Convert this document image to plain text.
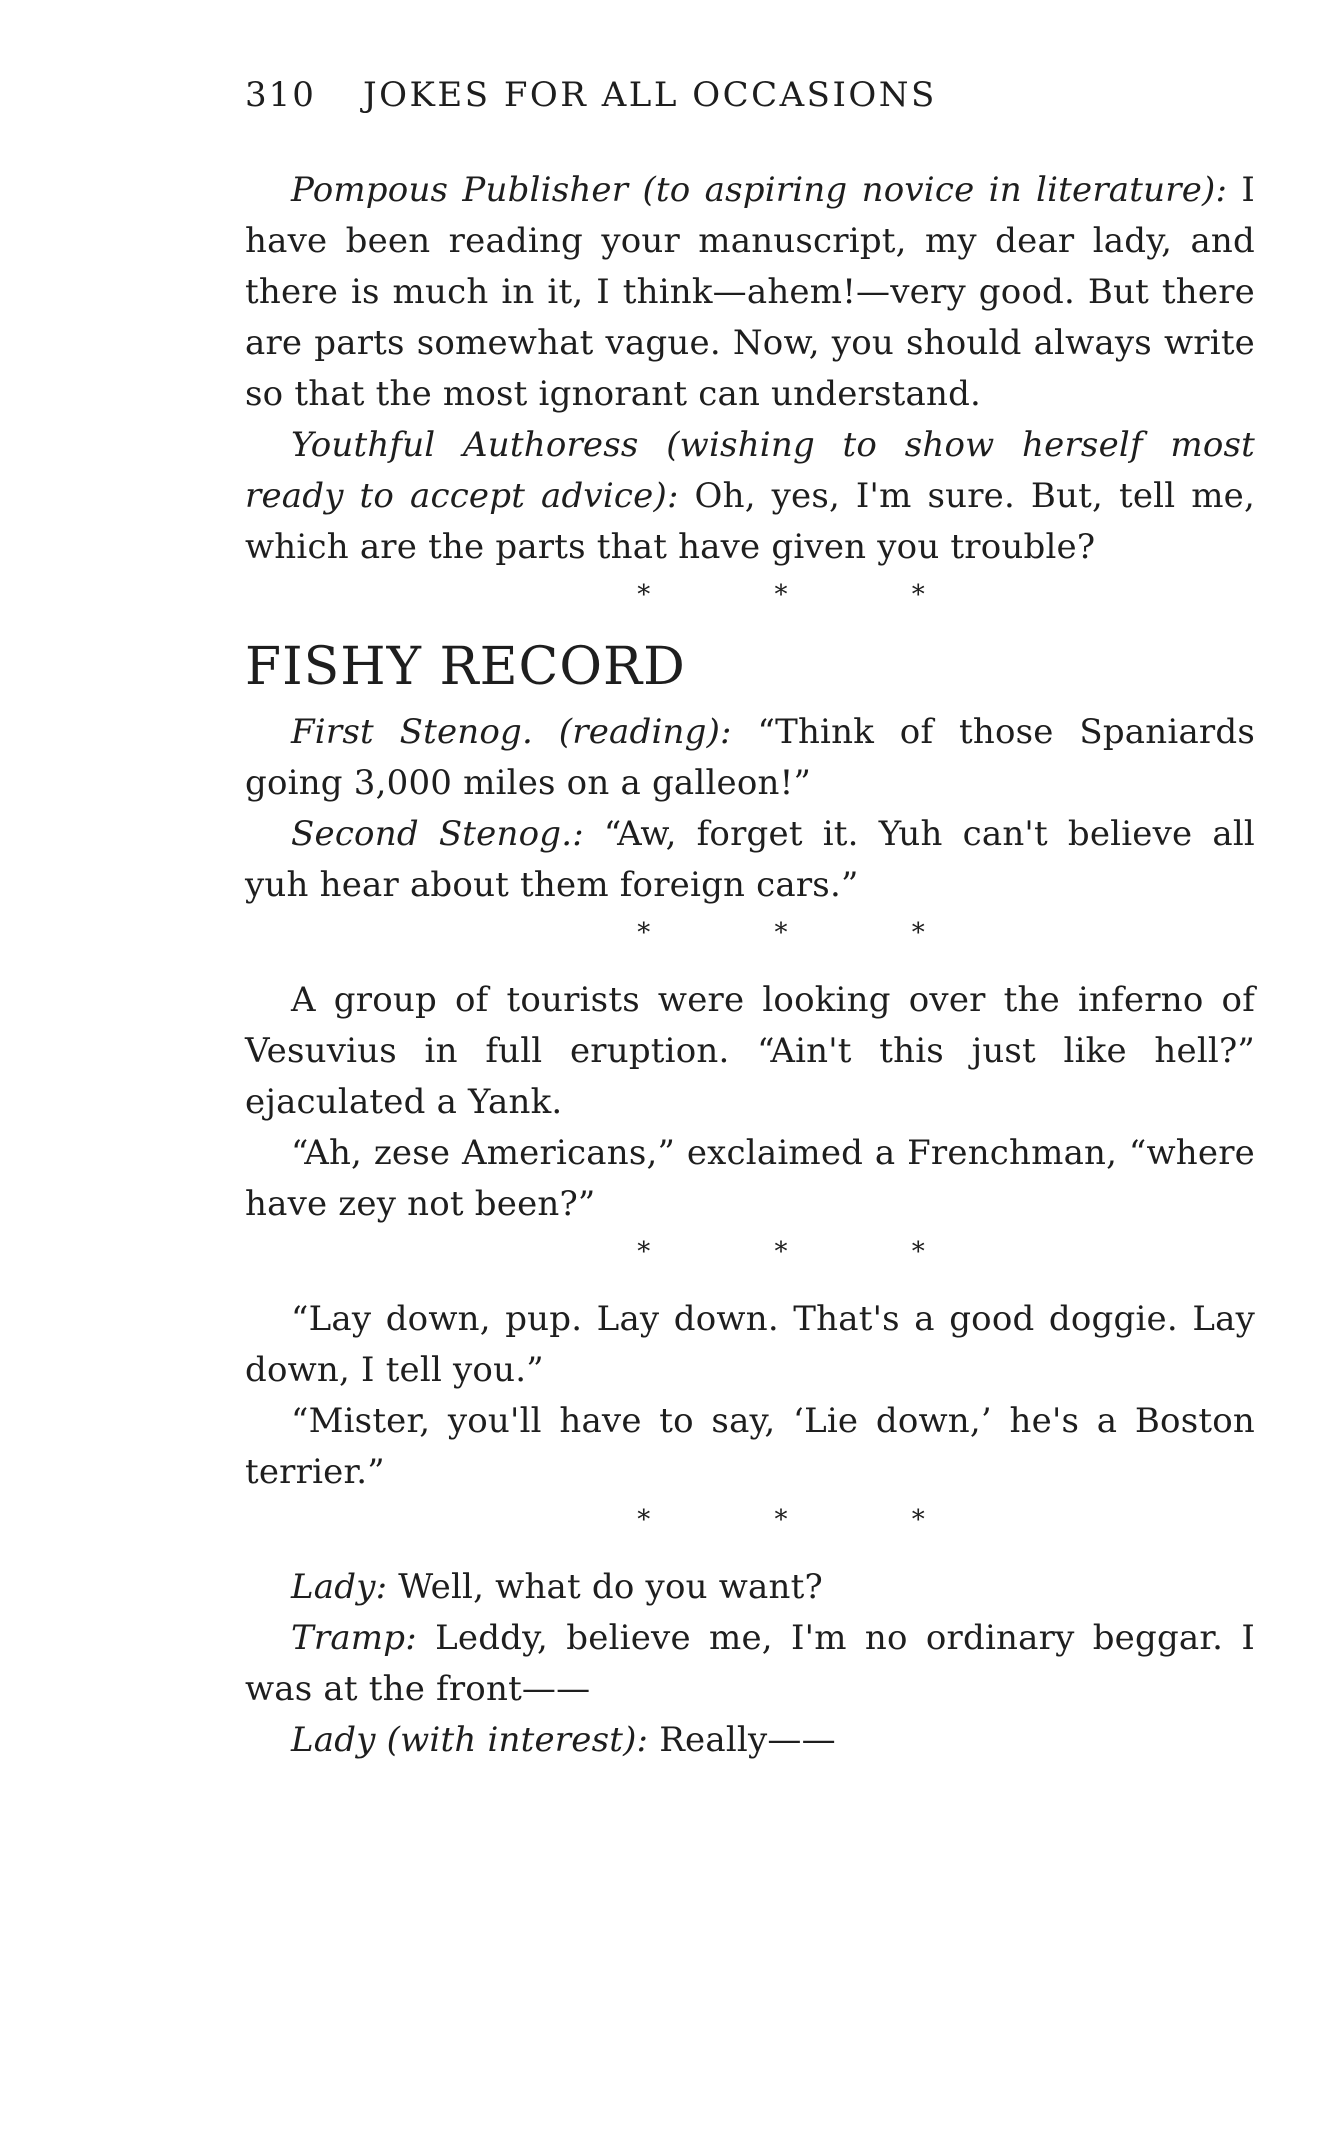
310	JOKES FOR ALL OCCASIONS

Pompous Publisher (to aspiring novice in literature): I have been reading your manuscript, my dear lady, and there is much in it, I think—ahem!—very good. But there are parts somewhat vague. Now, you should always write so that the most ignorant can understand.

Youthful Authoress (wishing to show herself most ready to accept advice): Oh, yes, I'm sure. But, tell me, which are the parts that have given you trouble?

* * *
FISHY RECORD

First Stenog. (reading): “Think of those Spaniards going 3,000 miles on a galleon!”

Second Stenog.: “Aw, forget it. Yuh can't believe all yuh hear about them foreign cars.”

* * *

A group of tourists were looking over the inferno of Vesuvius in full eruption. “Ain't this just like hell?” ejaculated a Yank.

“Ah, zese Americans,” exclaimed a Frenchman, “where have zey not been?”

* * *

“Lay down, pup. Lay down. That's a good doggie. Lay down, I tell you.”

“Mister, you'll have to say, ‘Lie down,’ he's a Boston terrier.”

* * *

Lady: Well, what do you want?

Tramp: Leddy, believe me, I'm no ordinary beggar. I was at the front——

Lady (with interest): Really——
